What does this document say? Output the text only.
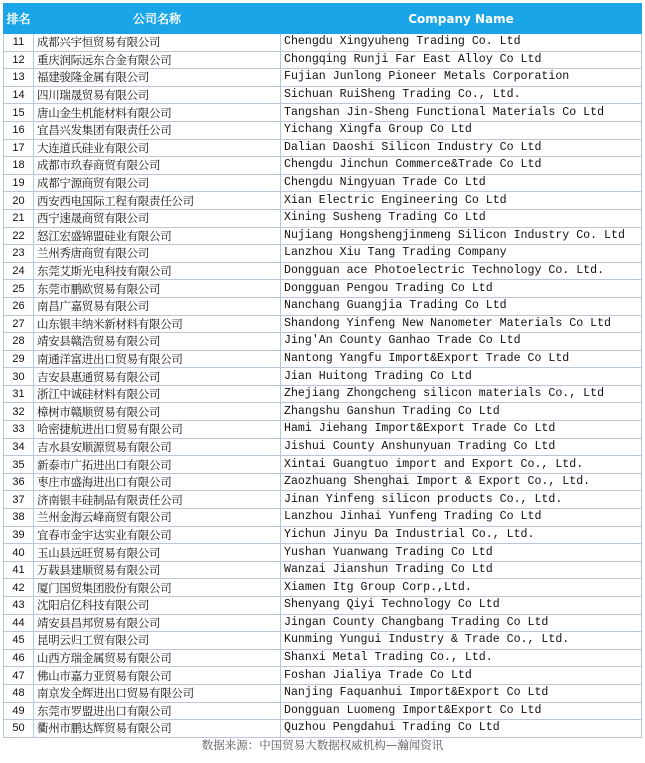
排名	公司名称	Company Name
11	成都兴宇恒贸易有限公司	Chengdu Xingyuheng Trading Co. Ltd
12	重庆润际远东合金有限公司	Chongqing Runji Far East Alloy Co Ltd
13	福建骏隆金属有限公司	Fujian Junlong Pioneer Metals Corporation
14	四川瑞晟贸易有限公司	Sichuan RuiSheng Trading Co., Ltd.
15	唐山金生机能材料有限公司	Tangshan Jin-Sheng Functional Materials Co Ltd
16	宜昌兴发集团有限责任公司	Yichang Xingfa Group Co Ltd
17	大连道氏硅业有限公司	Dalian Daoshi Silicon Industry Co Ltd
18	成都市玖春商贸有限公司	Chengdu Jinchun Commerce&Trade Co Ltd
19	成都宁源商贸有限公司	Chengdu Ningyuan Trade Co Ltd
20	西安西电国际工程有限责任公司	Xian Electric Engineering Co Ltd
21	西宁速晟商贸有限公司	Xining Susheng Trading Co Ltd
22	怒江宏盛锦盟硅业有限公司	Nujiang Hongshengjinmeng Silicon Industry Co. Ltd
23	兰州秀唐商贸有限公司	Lanzhou Xiu Tang Trading Company
24	东莞艾斯光电科技有限公司	Dongguan ace Photoelectric Technology Co. Ltd.
25	东莞市鹏欧贸易有限公司	Dongguan Pengou Trading Co Ltd
26	南昌广嘉贸易有限公司	Nanchang Guangjia Trading Co Ltd
27	山东银丰纳米新材料有限公司	Shandong Yinfeng New Nanometer Materials Co Ltd
28	靖安县赣浩贸易有限公司	Jing'An County Ganhao Trade Co Ltd
29	南通洋富进出口贸易有限公司	Nantong Yangfu Import&Export Trade Co Ltd
30	吉安县惠通贸易有限公司	Jian Huitong Trading Co Ltd
31	浙江中诚硅材料有限公司	Zhejiang Zhongcheng silicon materials Co., Ltd
32	樟树市赣顺贸易有限公司	Zhangshu Ganshun Trading Co Ltd
33	哈密捷航进出口贸易有限公司	Hami Jiehang Import&Export Trade Co Ltd
34	吉水县安顺源贸易有限公司	Jishui County Anshunyuan Trading Co Ltd
35	新泰市广拓进出口有限公司	Xintai Guangtuo import and Export Co., Ltd.
36	枣庄市盛海进出口有限公司	Zaozhuang Shenghai Import & Export Co., Ltd.
37	济南银丰硅制品有限责任公司	Jinan Yinfeng silicon products Co., Ltd.
38	兰州金海云峰商贸有限公司	Lanzhou Jinhai Yunfeng Trading Co Ltd
39	宜春市金宇达实业有限公司	Yichun Jinyu Da Industrial Co., Ltd.
40	玉山县远旺贸易有限公司	Yushan Yuanwang Trading Co Ltd
41	万载县建顺贸易有限公司	Wanzai Jianshun Trading Co Ltd
42	厦门国贸集团股份有限公司	Xiamen Itg Group Corp.,Ltd.
43	沈阳启亿科技有限公司	Shenyang Qiyi Technology Co Ltd
44	靖安县昌邦贸易有限公司	Jingan County Changbang Trading Co Ltd
45	昆明云归工贸有限公司	Kunming Yungui Industry & Trade Co., Ltd.
46	山西方瑞金属贸易有限公司	Shanxi Metal Trading Co., Ltd.
47	佛山市嘉力亚贸易有限公司	Foshan Jialiya Trade Co Ltd
48	南京发全辉进出口贸易有限公司	Nanjing Faquanhui Import&Export Co Ltd
49	东莞市罗盟进出口有限公司	Dongguan Luomeng Import&Export Co Ltd
50	衢州市鹏达辉贸易有限公司	Quzhou Pengdahui Trading Co Ltd
数据来源：中国贸易大数据权威机构—瀚闻资讯
